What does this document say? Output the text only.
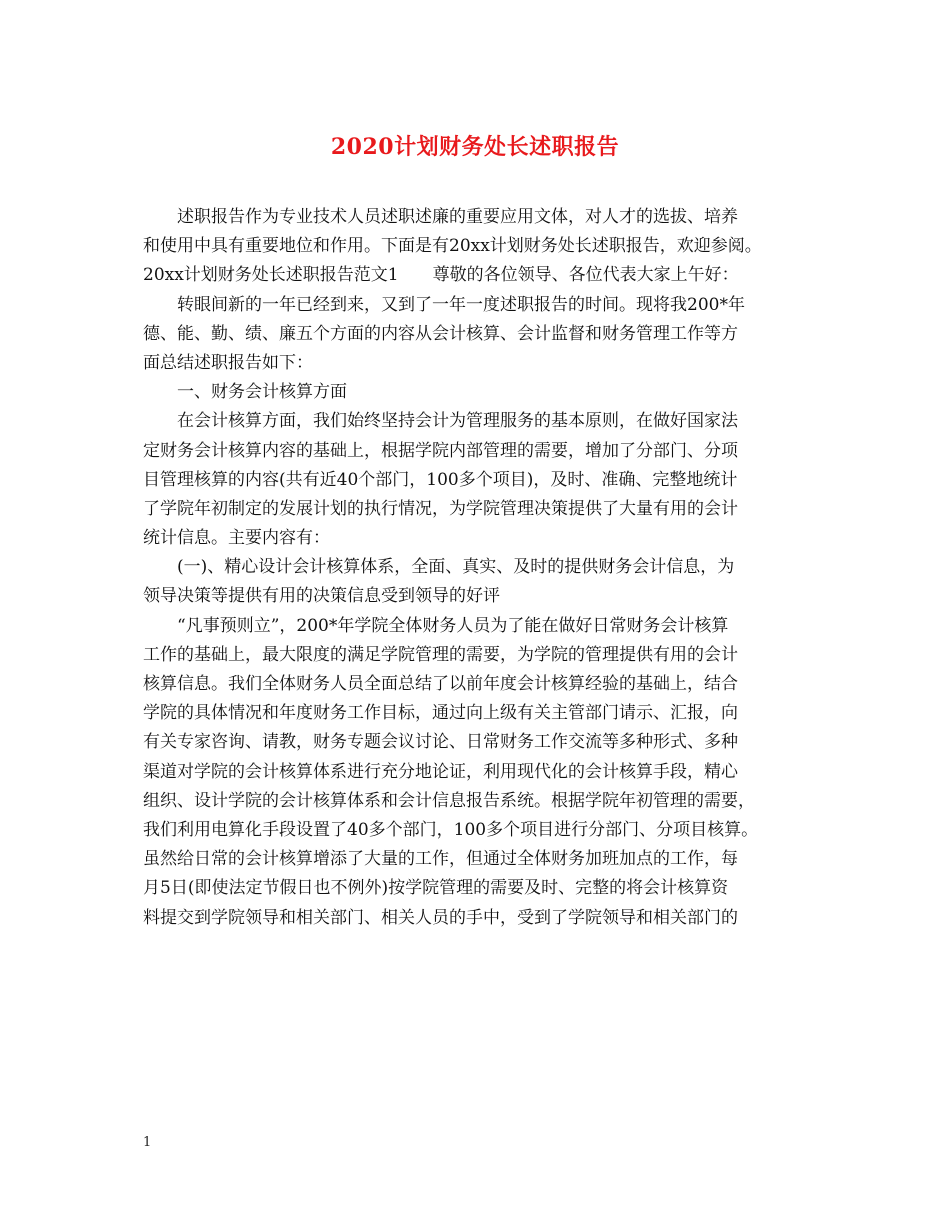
2020计划财务处长述职报告
述职报告作为专业技术人员述职述廉的重要应用文体，对人才的选拔、培养
和使用中具有重要地位和作用。下面是有20xx计划财务处长述职报告，欢迎参阅。
20xx计划财务处长述职报告范文1　　尊敬的各位领导、各位代表大家上午好：
转眼间新的一年已经到来，又到了一年一度述职报告的时间。现将我200*年
德、能、勤、绩、廉五个方面的内容从会计核算、会计监督和财务管理工作等方
面总结述职报告如下：
一、财务会计核算方面
在会计核算方面，我们始终坚持会计为管理服务的基本原则，在做好国家法
定财务会计核算内容的基础上，根据学院内部管理的需要，增加了分部门、分项
目管理核算的内容(共有近40个部门，100多个项目)，及时、准确、完整地统计
了学院年初制定的发展计划的执行情况，为学院管理决策提供了大量有用的会计
统计信息。主要内容有：
(一)、精心设计会计核算体系，全面、真实、及时的提供财务会计信息，为
领导决策等提供有用的决策信息受到领导的好评
“凡事预则立”，200*年学院全体财务人员为了能在做好日常财务会计核算
工作的基础上，最大限度的满足学院管理的需要，为学院的管理提供有用的会计
核算信息。我们全体财务人员全面总结了以前年度会计核算经验的基础上，结合
学院的具体情况和年度财务工作目标，通过向上级有关主管部门请示、汇报，向
有关专家咨询、请教，财务专题会议讨论、日常财务工作交流等多种形式、多种
渠道对学院的会计核算体系进行充分地论证，利用现代化的会计核算手段，精心
组织、设计学院的会计核算体系和会计信息报告系统。根据学院年初管理的需要，
我们利用电算化手段设置了40多个部门，100多个项目进行分部门、分项目核算。
虽然给日常的会计核算增添了大量的工作，但通过全体财务加班加点的工作，每
月5日(即使法定节假日也不例外)按学院管理的需要及时、完整的将会计核算资
料提交到学院领导和相关部门、相关人员的手中，受到了学院领导和相关部门的
1
